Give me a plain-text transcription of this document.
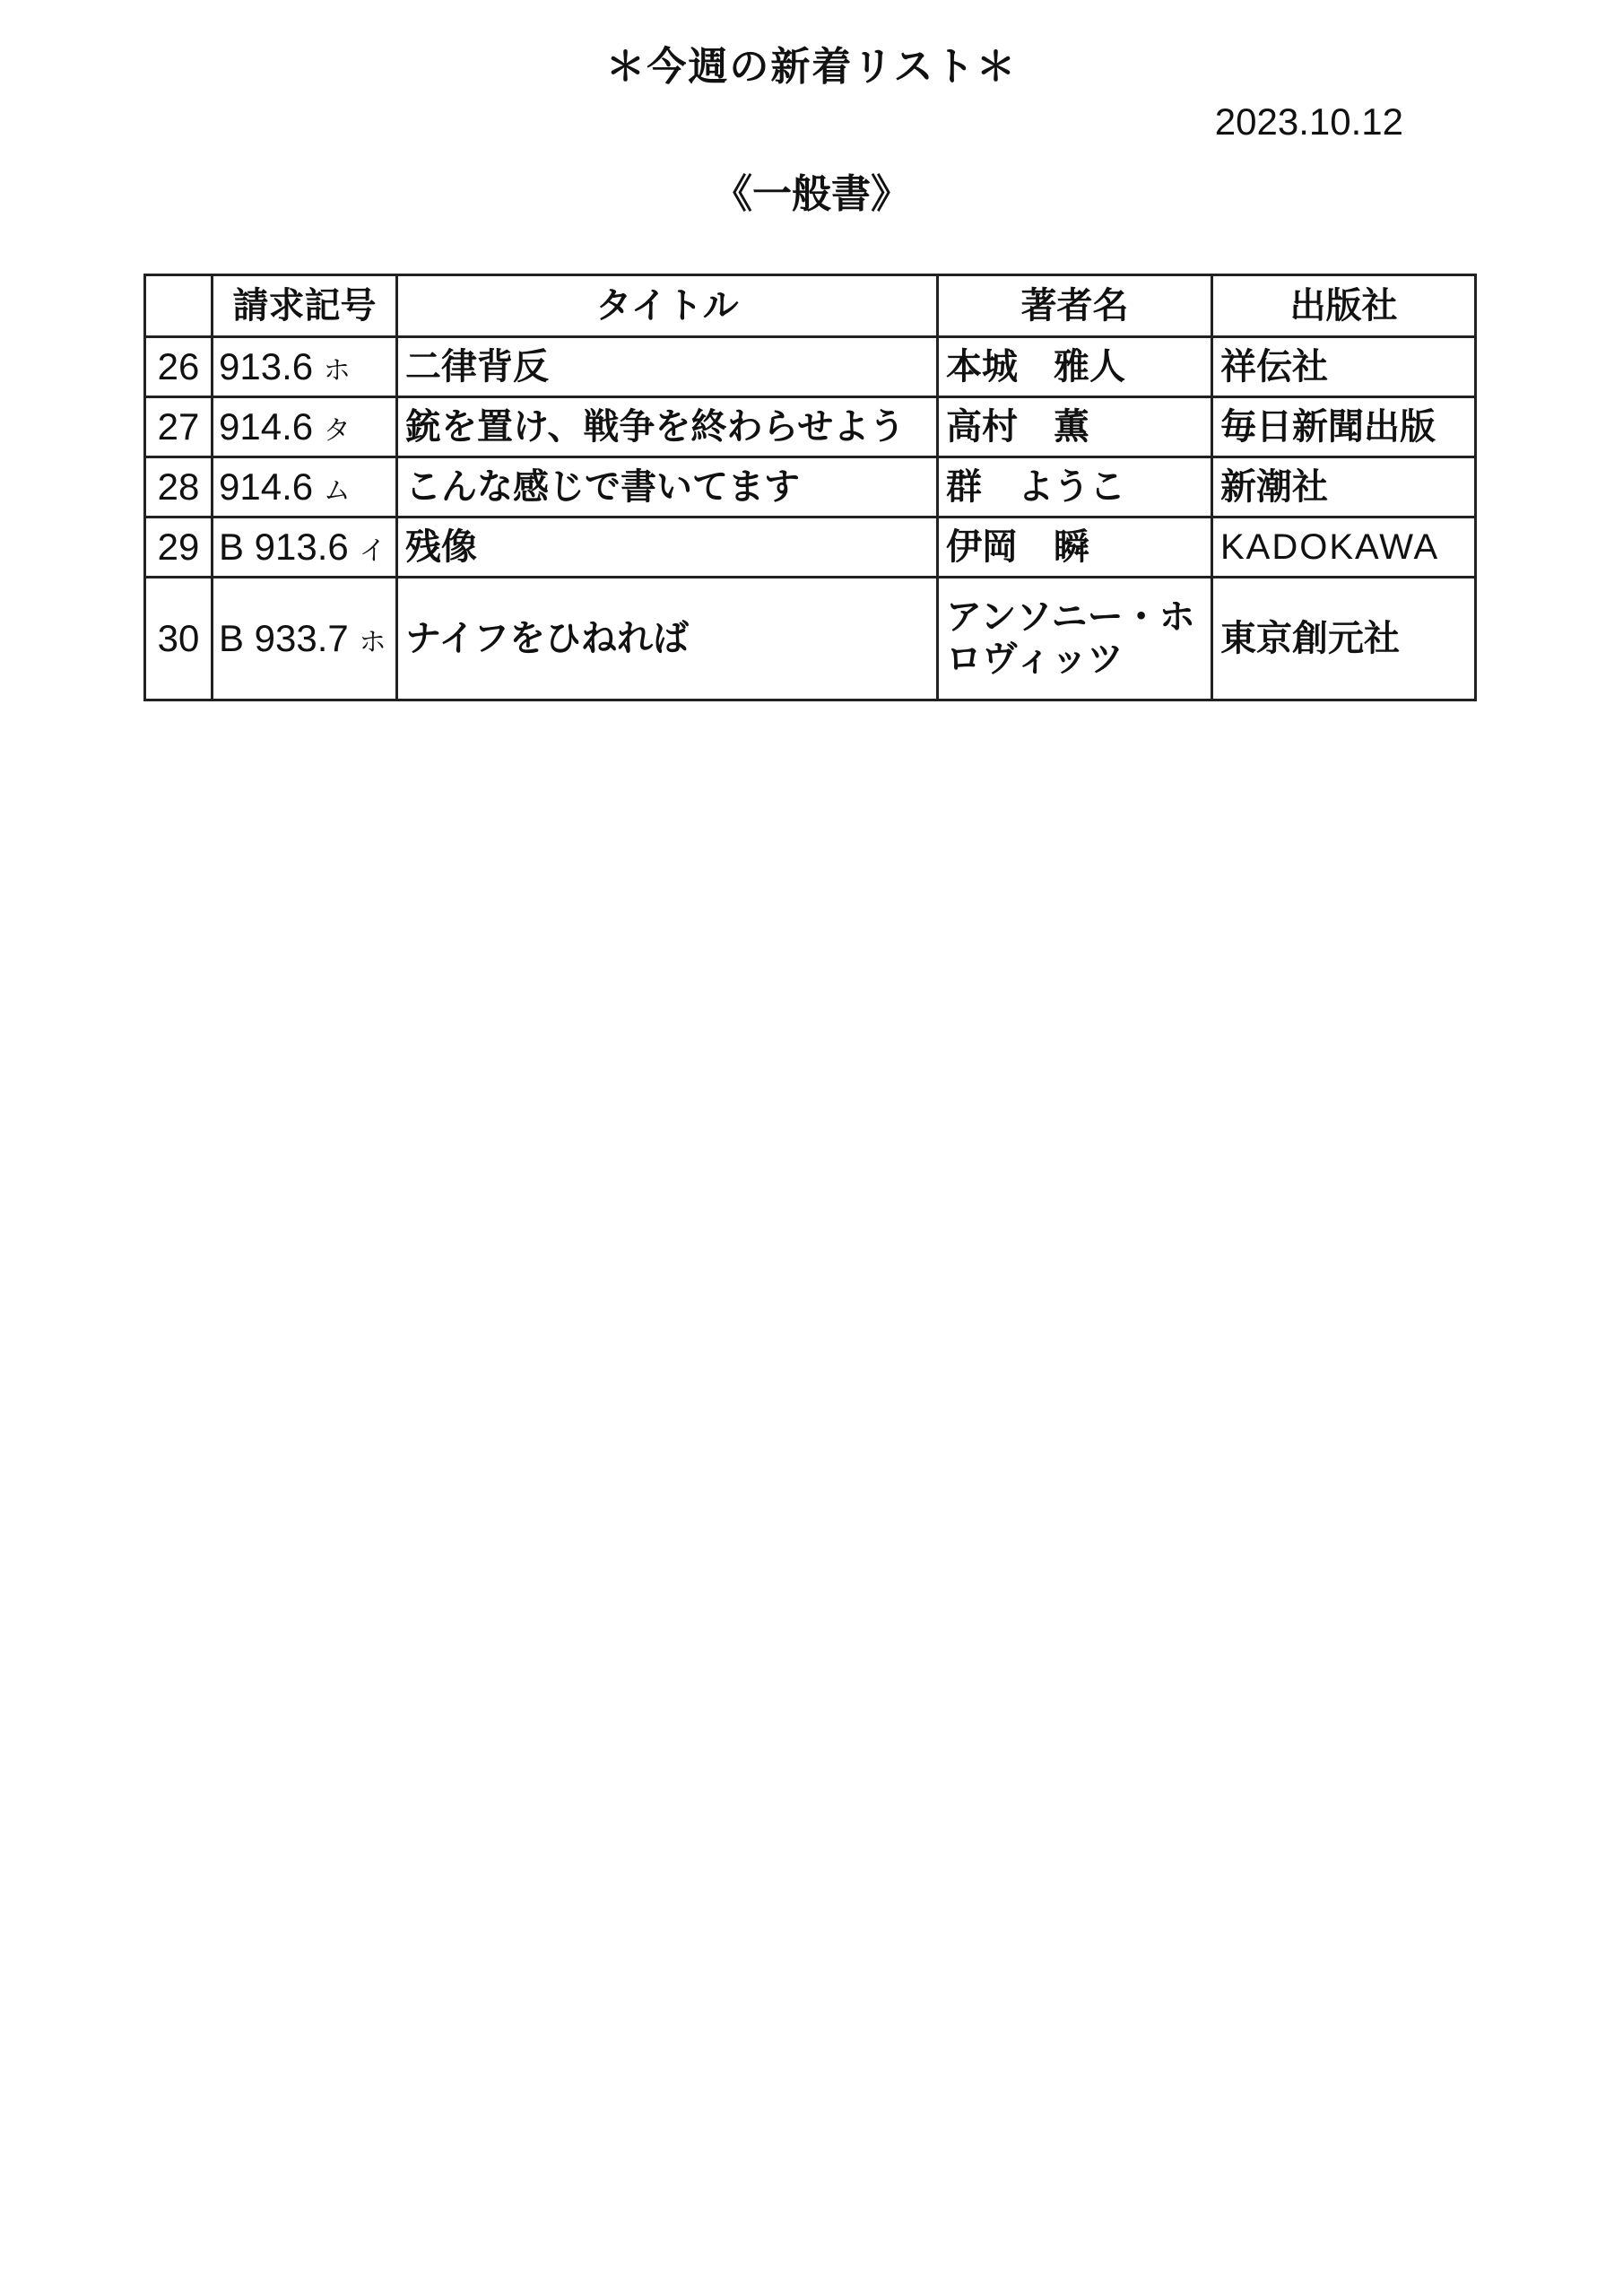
＊今週の新着リスト＊
2023.10.12
《一般書》
	請求記号	タイトル	著者名	出版社
26	913.6 ホ	二律背反	本城　雅人	祥伝社
27	914.6 タ	銃を置け、戦争を終わらせよう	高村　薫	毎日新聞出版
28	914.6 ム	こんな感じで書いてます	群　ようこ	新潮社
29	B 913.6 イ	残像	伊岡　瞬	KADOKAWA
30	B 933.7 ホ	ナイフをひねれば	アンソニー・ホロヴィッツ	東京創元社
